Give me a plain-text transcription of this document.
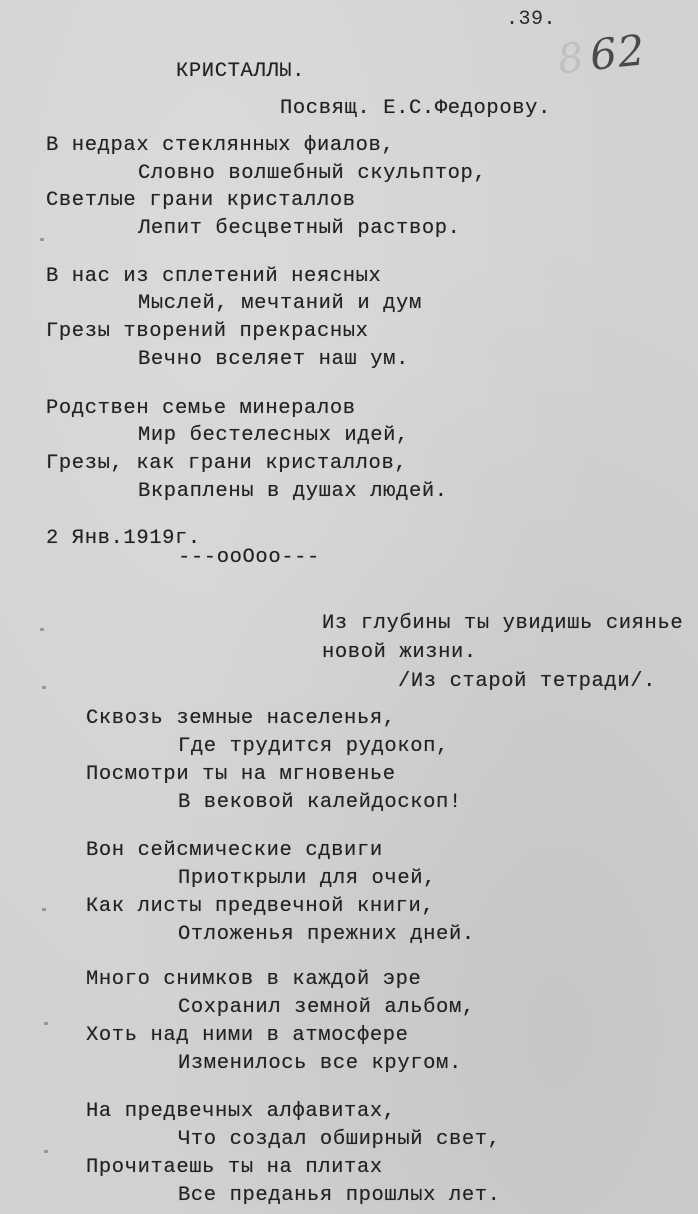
8
.39.
62
КРИСТАЛЛЫ.
Посвящ. Е.С.Федорову.
В недрах стеклянных фиалов,
Словно волшебный скульптор,
Светлые грани кристаллов
Лепит бесцветный раствор.
В нас из сплетений неясных
Мыслей, мечтаний и дум
Грезы творений прекрасных
Вечно вселяет наш ум.
Родствен семье минералов
Мир бестелесных идей,
Грезы, как грани кристаллов,
Вкраплены в душах людей.
2 Янв.1919г.
---ooOoo---
Из глубины ты увидишь сиянье
новой жизни.
/Из старой тетради/.
Сквозь земные населенья,
Где трудится рудокоп,
Посмотри ты на мгновенье
В вековой калейдоскоп!
Вон сейсмические сдвиги
Приоткрыли для очей,
Как листы предвечной книги,
Отложенья прежних дней.
Много снимков в каждой эре
Сохранил земной альбом,
Хоть над ними в атмосфере
Изменилось все кругом.
На предвечных алфавитах,
Что создал обширный свет,
Прочитаешь ты на плитах
Все преданья прошлых лет.
